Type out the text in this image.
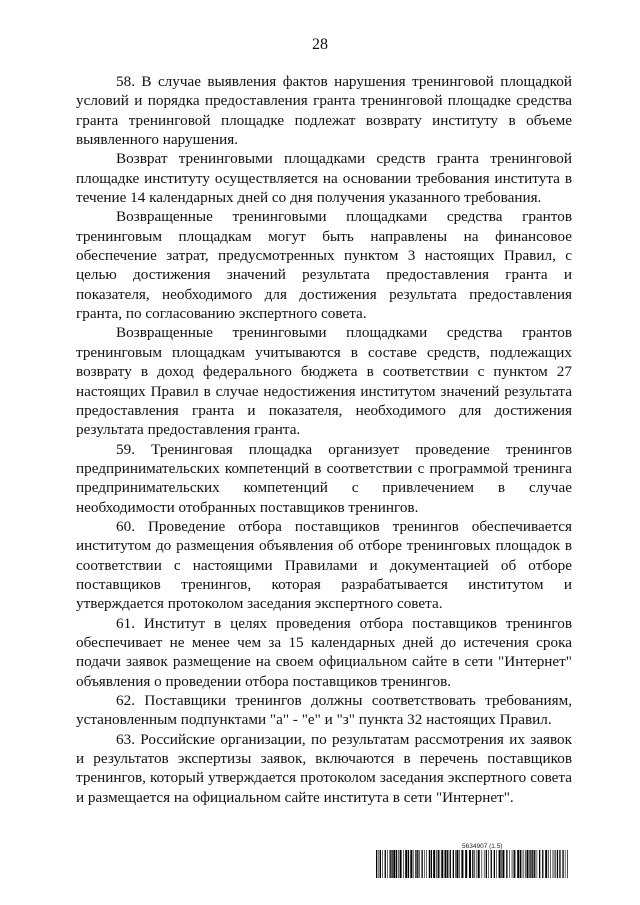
28

58. В случае выявления фактов нарушения тренинговой площадкой условий и порядка предоставления гранта тренинговой площадке средства гранта тренинговой площадке подлежат возврату институту в объеме выявленного нарушения.

Возврат тренинговыми площадками средств гранта тренинговой площадке институту осуществляется на основании требования института в течение 14 календарных дней со дня получения указанного требования.

Возвращенные тренинговыми площадками средства грантов тренинговым площадкам могут быть направлены на финансовое обеспечение затрат, предусмотренных пунктом 3 настоящих Правил, с целью достижения значений результата предоставления гранта и показателя, необходимого для достижения результата предоставления гранта, по согласованию экспертного совета.

Возвращенные тренинговыми площадками средства грантов тренинговым площадкам учитываются в составе средств, подлежащих возврату в доход федерального бюджета в соответствии с пунктом 27 настоящих Правил в случае недостижения институтом значений результата предоставления гранта и показателя, необходимого для достижения результата предоставления гранта.

59. Тренинговая площадка организует проведение тренингов предпринимательских компетенций в соответствии с программой тренинга предпринимательских компетенций с привлечением в случае необходимости отобранных поставщиков тренингов.

60. Проведение отбора поставщиков тренингов обеспечивается институтом до размещения объявления об отборе тренинговых площадок в соответствии с настоящими Правилами и документацией об отборе поставщиков тренингов, которая разрабатывается институтом и утверждается протоколом заседания экспертного совета.

61. Институт в целях проведения отбора поставщиков тренингов обеспечивает не менее чем за 15 календарных дней до истечения срока подачи заявок размещение на своем официальном сайте в сети "Интернет" объявления о проведении отбора поставщиков тренингов.

62. Поставщики тренингов должны соответствовать требованиям, установленным подпунктами "а" - "е" и "з" пункта 32 настоящих Правил.

63. Российские организации, по результатам рассмотрения их заявок и результатов экспертизы заявок, включаются в перечень поставщиков тренингов, который утверждается протоколом заседания экспертного совета и размещается на официальном сайте института в сети "Интернет".

5634907 (1.5)
